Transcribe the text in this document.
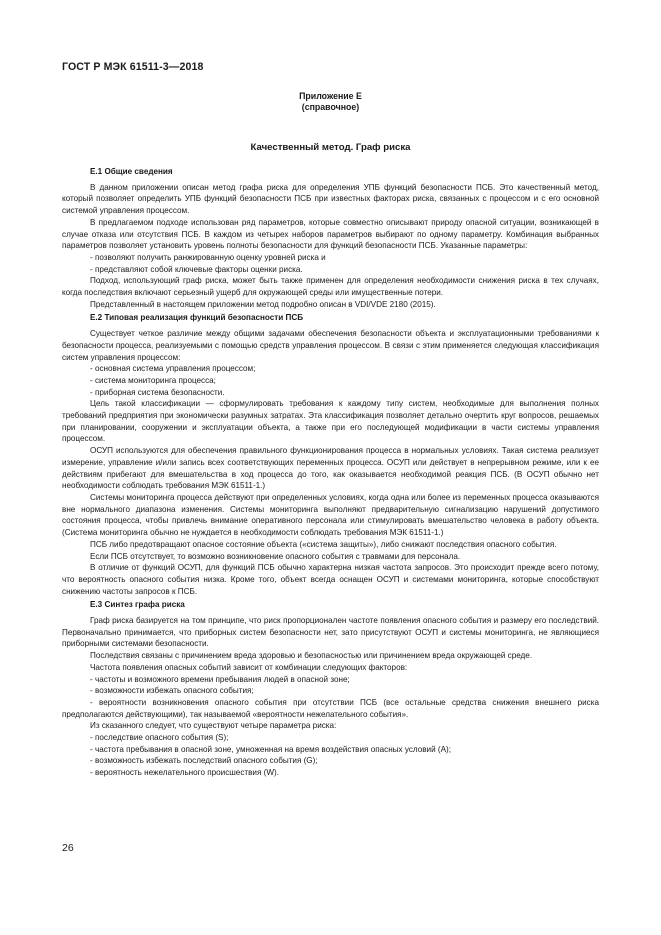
ГОСТ Р МЭК 61511-3—2018
Приложение Е
(справочное)
Качественный метод. Граф риска
Е.1 Общие сведения

В данном приложении описан метод графа риска для определения УПБ функций безопасности ПСБ. Это качественный метод, который позволяет определить УПБ функций безопасности ПСБ при известных факторах риска, связанных с процессом и с его основной системой управления процессом.

В предлагаемом подходе использован ряд параметров, которые совместно описывают природу опасной ситуации, возникающей в случае отказа или отсутствия ПСБ. В каждом из четырех наборов параметров выбирают по одному параметру. Комбинация выбранных параметров позволяет установить уровень полноты безопасности для функций безопасности ПСБ. Указанные параметры:

- позволяют получить ранжированную оценку уровней риска и
- представляют собой ключевые факторы оценки риска.

Подход, использующий граф риска, может быть также применен для определения необходимости снижения риска в тех случаях, когда последствия включают серьезный ущерб для окружающей среды или имущественные потери.

Представленный в настоящем приложении метод подробно описан в VDI/VDE 2180 (2015).

Е.2 Типовая реализация функций безопасности ПСБ

Существует четкое различие между общими задачами обеспечения безопасности объекта и эксплуатационными требованиями к безопасности процесса, реализуемыми с помощью средств управления процессом. В связи с этим применяется следующая классификация систем управления процессом:

- основная система управления процессом;
- система мониторинга процесса;
- приборная система безопасности.

Цель такой классификации — сформулировать требования к каждому типу систем, необходимые для выполнения полных требований предприятия при экономически разумных затратах. Эта классификация позволяет детально очертить круг вопросов, решаемых при планировании, сооружении и эксплуатации объекта, а также при его последующей модификации в части системы управления процессом.

ОСУП используются для обеспечения правильного функционирования процесса в нормальных условиях. Такая система реализует измерение, управление и/или запись всех соответствующих переменных процесса. ОСУП или действует в непрерывном режиме, или к ее действиям прибегают для вмешательства в ход процесса до того, как оказывается необходимой реакция ПСБ. (В ОСУП обычно нет необходимости соблюдать требования МЭК 61511-1.)

Системы мониторинга процесса действуют при определенных условиях, когда одна или более из переменных процесса оказываются вне нормального диапазона изменения. Системы мониторинга выполняют предварительную сигнализацию нарушений допустимого состояния процесса, чтобы привлечь внимание оперативного персонала или стимулировать вмешательство человека в работу объекта. (Система мониторинга обычно не нуждается в необходимости соблюдать требования МЭК 61511-1.)

ПСБ либо предотвращают опасное состояние объекта («система защиты»), либо снижают последствия опасного события.

Если ПСБ отсутствует, то возможно возникновение опасного события с травмами для персонала.

В отличие от функций ОСУП, для функций ПСБ обычно характерна низкая частота запросов. Это происходит прежде всего потому, что вероятность опасного события низка. Кроме того, объект всегда оснащен ОСУП и системами мониторинга, которые способствуют снижению частоты запросов к ПСБ.

Е.3 Синтез графа риска

Граф риска базируется на том принципе, что риск пропорционален частоте появления опасного события и размеру его последствий. Первоначально принимается, что приборных систем безопасности нет, зато присутствуют ОСУП и системы мониторинга, не являющиеся приборными системами безопасности.

Последствия связаны с причинением вреда здоровью и безопасностью или причинением вреда окружающей среде.

Частота появления опасных событий зависит от комбинации следующих факторов:

- частоты и возможного времени пребывания людей в опасной зоне;
- возможности избежать опасного события;

- вероятности возникновения опасного события при отсутствии ПСБ (все остальные средства снижения внешнего риска предполагаются действующими), так называемой «вероятности нежелательного события».

Из сказанного следует, что существуют четыре параметра риска:

- последствие опасного события (S);
- частота пребывания в опасной зоне, умноженная на время воздействия опасных условий (A);
- возможность избежать последствий опасного события (G);
- вероятность нежелательного происшествия (W).
26
